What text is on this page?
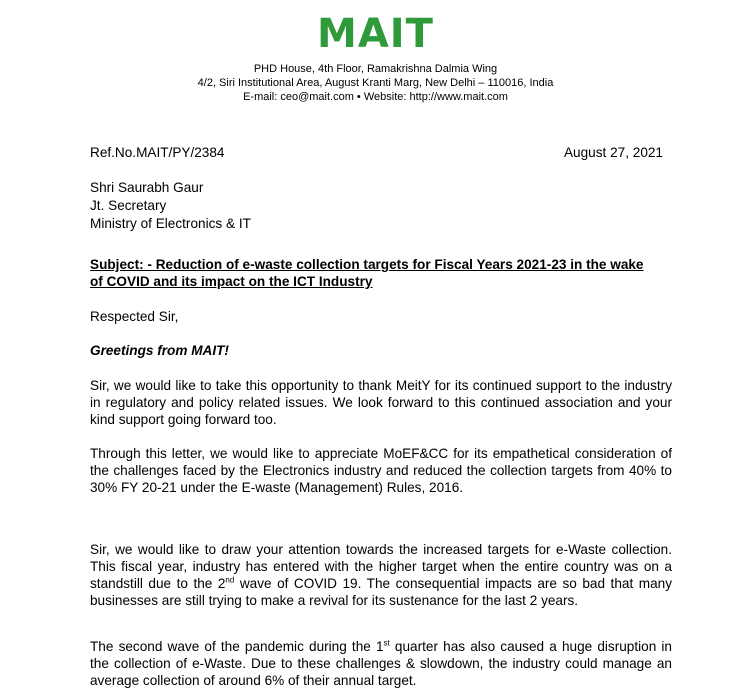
MAIT
PHD House, 4th Floor, Ramakrishna Dalmia Wing
4/2, Siri Institutional Area, August Kranti Marg, New Delhi – 110016, India
E-mail: ceo@mait.com • Website: http://www.mait.com
Ref.No.MAIT/PY/2384	August 27, 2021
Shri Saurabh Gaur
Jt. Secretary
Ministry of Electronics & IT
Subject: - Reduction of e-waste collection targets for Fiscal Years 2021-23 in the wake of COVID and its impact on the ICT Industry
Respected Sir,
Greetings from MAIT!
Sir, we would like to take this opportunity to thank MeitY for its continued support to the industry in regulatory and policy related issues. We look forward to this continued association and your kind support going forward too.
Through this letter, we would like to appreciate MoEF&CC for its empathetical consideration of the challenges faced by the Electronics industry and reduced the collection targets from 40% to 30% FY 20-21 under the E-waste (Management) Rules, 2016.
Sir, we would like to draw your attention towards the increased targets for e-Waste collection. This fiscal year, industry has entered with the higher target when the entire country was on a standstill due to the 2nd wave of COVID 19. The consequential impacts are so bad that many businesses are still trying to make a revival for its sustenance for the last 2 years.
The second wave of the pandemic during the 1st quarter has also caused a huge disruption in the collection of e-Waste. Due to these challenges & slowdown, the industry could manage an average collection of around 6% of their annual target.
